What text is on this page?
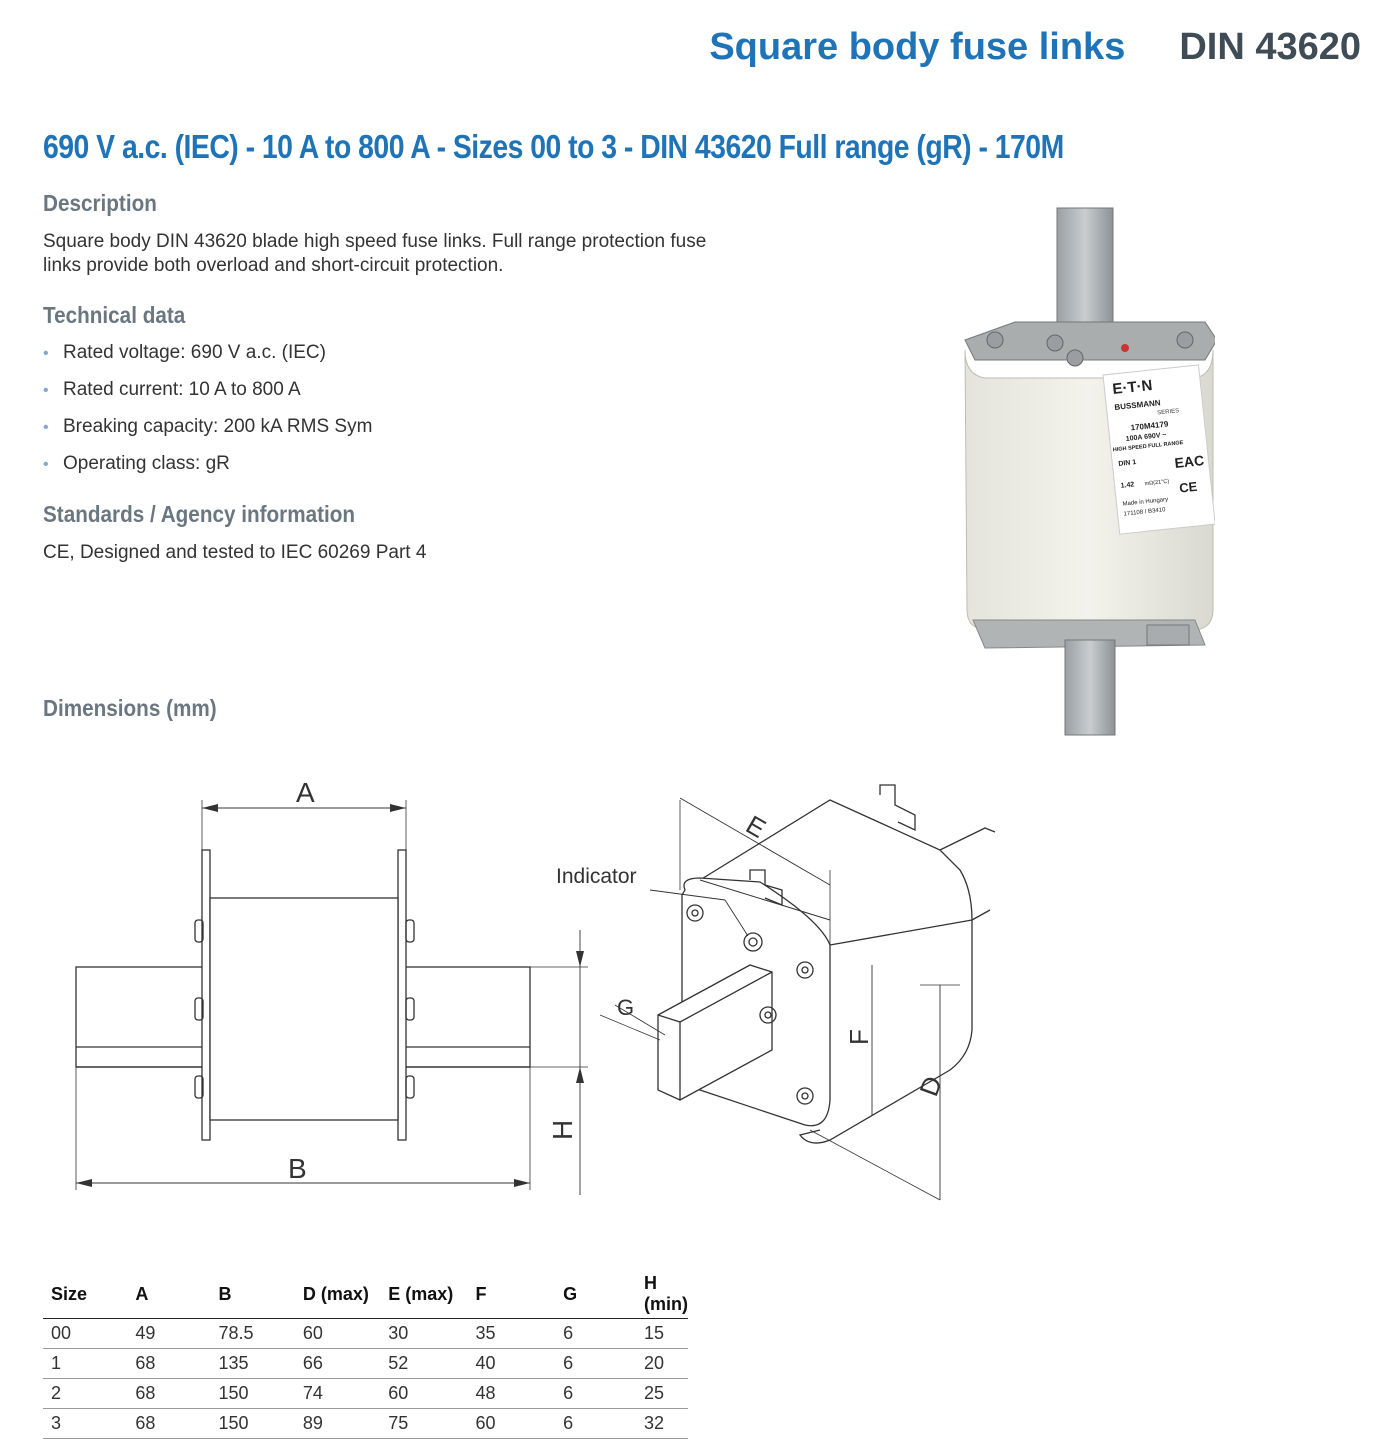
Square body fuse links DIN 43620
690 V a.c. (IEC) - 10 A to 800 A - Sizes 00 to 3 - DIN 43620 Full range (gR) - 170M
Description
Square body DIN 43620 blade high speed fuse links. Full range protection fuse
links provide both overload and short-circuit protection.
Technical data
• Rated voltage: 690 V a.c. (IEC)
• Rated current: 10 A to 800 A
• Breaking capacity: 200 kA RMS Sym
• Operating class: gR
Standards / Agency information
CE, Designed and tested to IEC 60269 Part 4
Dimensions (mm)
E·T·N
BUSSMANN
SERIES
170M4179
100A 690V ~
HIGH SPEED FULL RANGE
DIN 1	EAC
1.42 mΩ(21°C) CE
Made in Hungary
171108 / B3410
A
B
H
E
F
D
G
Indicator
Size	A	B	D (max)	E (max)	F	G	H (min)
00	49	78.5	60	30	35	6	15
1	68	135	66	52	40	6	20
2	68	150	74	60	48	6	25
3	68	150	89	75	60	6	32
